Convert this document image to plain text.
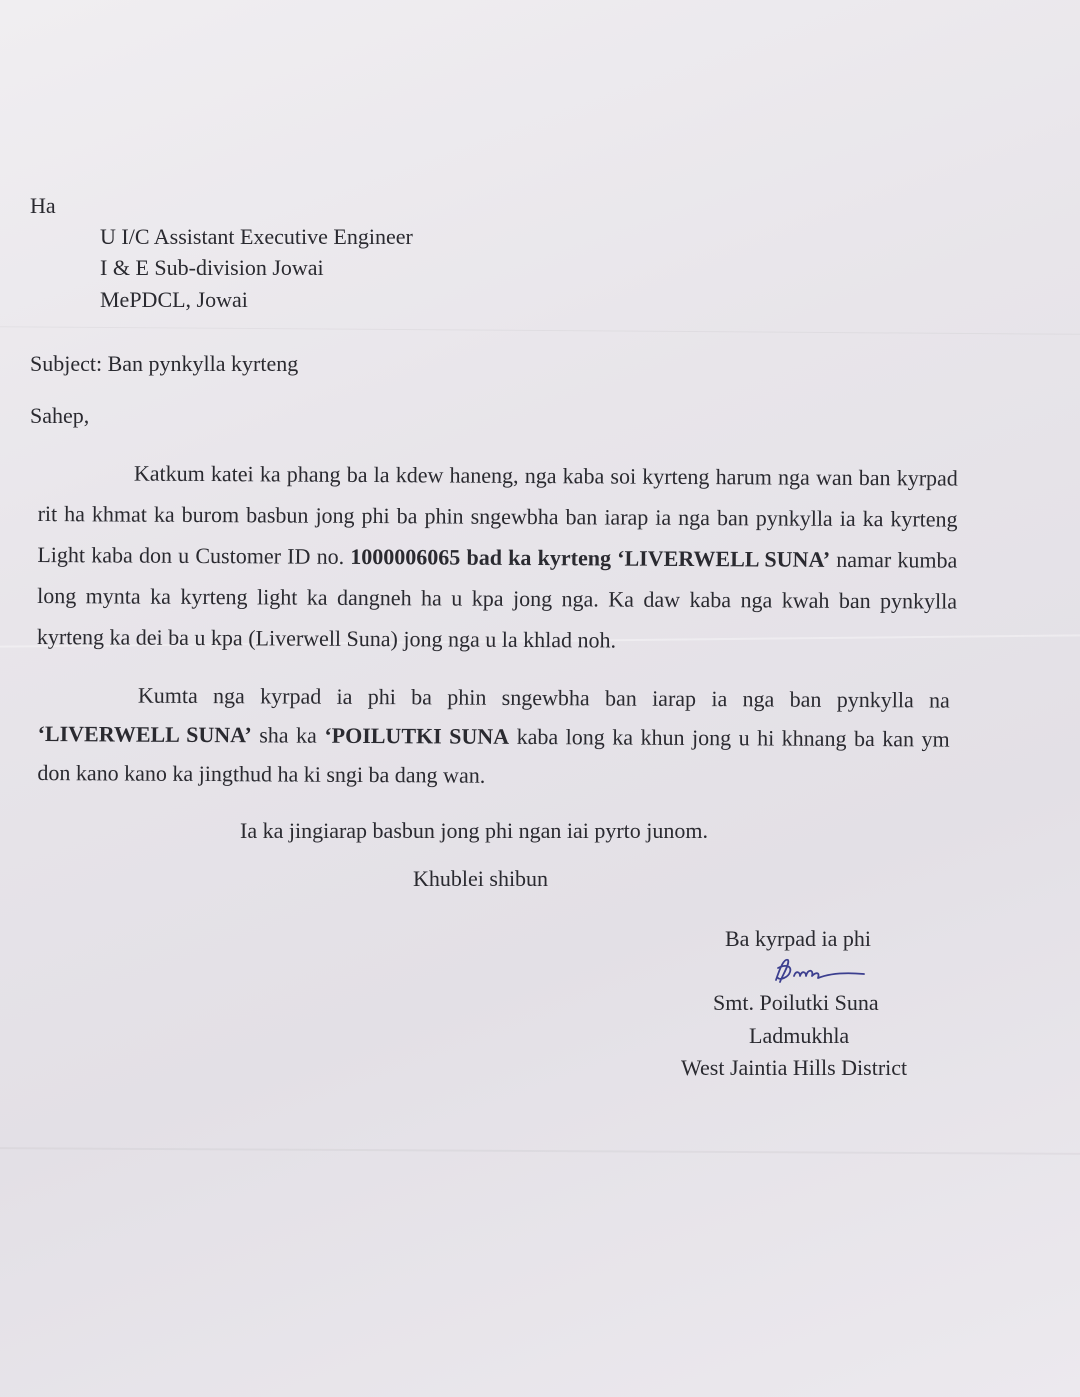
Ha
U I/C Assistant Executive Engineer
I & E Sub-division Jowai
MePDCL, Jowai
Subject: Ban pynkylla kyrteng
Sahep,
Katkum katei ka phang ba la kdew haneng, nga kaba soi kyrteng harum nga wan ban kyrpad rit ha khmat ka burom basbun jong phi ba phin sngewbha ban iarap ia nga ban pynkylla ia ka kyrteng Light kaba don u Customer ID no. 1000006065 bad ka kyrteng ‘LIVERWELL SUNA’ namar kumba long mynta ka kyrteng light ka dangneh ha u kpa jong nga. Ka daw kaba nga kwah ban pynkylla kyrteng ka dei ba u kpa (Liverwell Suna) jong nga u la khlad noh.
Kumta nga kyrpad ia phi ba phin sngewbha ban iarap ia nga ban pynkylla na ‘LIVERWELL SUNA’ sha ka ‘POILUTKI SUNA kaba long ka khun jong u hi khnang ba kan ym don kano kano ka jingthud ha ki sngi ba dang wan.
Ia ka jingiarap basbun jong phi ngan iai pyrto junom.
Khublei shibun
Ba kyrpad ia phi
Smt. Poilutki Suna
Ladmukhla
West Jaintia Hills District
